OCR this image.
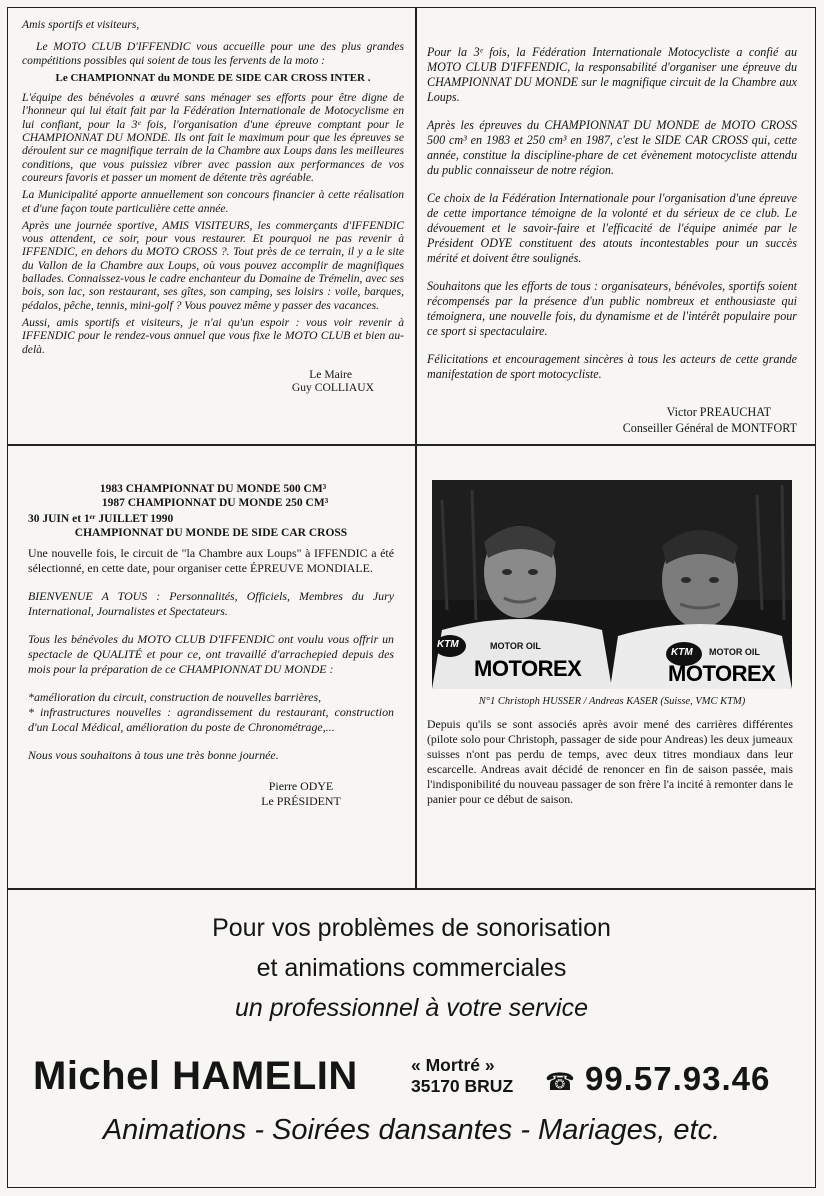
Amis sportifs et visiteurs,

Le MOTO CLUB D'IFFENDIC vous accueille pour une des plus grandes compétitions possibles qui soient de tous les fervents de la moto :

Le CHAMPIONNAT du MONDE DE SIDE CAR CROSS INTER .

L'équipe des bénévoles a œuvré sans ménager ses efforts pour être digne de l'honneur qui lui était fait par la Fédération Internationale de Motocyclisme en lui confiant, pour la 3ᵉ fois, l'organisation d'une épreuve comptant pour le CHAMPIONNAT DU MONDE. Ils ont fait le maximum pour que les épreuves se déroulent sur ce magnifique terrain de la Chambre aux Loups dans les meilleures conditions, que vous puissiez vibrer avec passion aux performances de vos coureurs favoris et passer un moment de détente très agréable.

La Municipalité apporte annuellement son concours financier à cette réalisation et d'une façon toute particulière cette année.

Après une journée sportive, AMIS VISITEURS, les commerçants d'IFFENDIC vous attendent, ce soir, pour vous restaurer. Et pourquoi ne pas revenir à IFFENDIC, en dehors du MOTO CROSS ?. Tout près de ce terrain, il y a le site du Vallon de la Chambre aux Loups, où vous pouvez accomplir de magnifiques ballades. Connaissez-vous le cadre enchanteur du Domaine de Trémelin, avec ses bois, son lac, son restaurant, ses gîtes, son camping, ses loisirs : voile, barques, pédalos, pêche, tennis, mini-golf ? Vous pouvez même y passer des vacances.

Aussi, amis sportifs et visiteurs, je n'ai qu'un espoir : vous voir revenir à IFFENDIC pour le rendez-vous annuel que vous fixe le MOTO CLUB et bien au-delà.

Le Maire

Guy COLLIAUX

Pour la 3ᵉ fois, la Fédération Internationale Motocycliste a confié au MOTO CLUB D'IFFENDIC, la responsabilité d'organiser une épreuve du CHAMPIONNAT DU MONDE sur le magnifique circuit de la Chambre aux Loups.

Après les épreuves du CHAMPIONNAT DU MONDE de MOTO CROSS 500 cm³ en 1983 et 250 cm³ en 1987, c'est le SIDE CAR CROSS qui, cette année, constitue la discipline-phare de cet évènement motocycliste attendu du public connaisseur de notre région.

Ce choix de la Fédération Internationale pour l'organisation d'une épreuve de cette importance témoigne de la volonté et du sérieux de ce club. Le dévouement et le savoir-faire et l'efficacité de l'équipe animée par le Président ODYE constituent des atouts incontestables pour un succès mérité et doivent être soulignés.

Souhaitons que les efforts de tous : organisateurs, bénévoles, sportifs soient récompensés par la présence d'un public nombreux et enthousiaste qui témoignera, une nouvelle fois, du dynamisme et de l'intérêt populaire pour ce sport si spectaculaire.

Félicitations et encouragement sincères à tous les acteurs de cette grande manifestation de sport motocycliste.

Victor PREAUCHAT

Conseiller Général de MONTFORT

1983 CHAMPIONNAT DU MONDE 500 CM³

1987 CHAMPIONNAT DU MONDE 250 CM³

30 JUIN et 1ᵉʳ JUILLET 1990

CHAMPIONNAT DU MONDE DE SIDE CAR CROSS

Une nouvelle fois, le circuit de "la Chambre aux Loups" à IFFENDIC a été sélectionné, en cette date, pour organiser cette ÉPREUVE MONDIALE.

BIENVENUE A TOUS : Personnalités, Officiels, Membres du Jury International, Journalistes et Spectateurs.

Tous les bénévoles du MOTO CLUB D'IFFENDIC ont voulu vous offrir un spectacle de QUALITÉ et pour ce, ont travaillé d'arrachepied depuis des mois pour la préparation de ce CHAMPIONNAT DU MONDE :

*amélioration du circuit, construction de nouvelles barrières,

* infrastructures nouvelles : agrandissement du restaurant, construction d'un Local Médical, amélioration du poste de Chronométrage,...

Nous vous souhaitons à tous une très bonne journée.

Pierre ODYE

Le PRÉSIDENT

KTM
KTM
MOTOR OIL
MOTOR OIL
MOTOREX	MOTOREX
N°1 Christoph HUSSER / Andreas KASER (Suisse, VMC KTM)

Depuis qu'ils se sont associés après avoir mené des carrières différentes (pilote solo pour Christoph, passager de side pour Andreas) les deux jumeaux suisses n'ont pas perdu de temps, avec deux titres mondiaux dans leur escarcelle. Andreas avait décidé de renoncer en fin de saison passée, mais l'indisponibilité du nouveau passager de son frère l'a incité à remonter dans le panier pour ce début de saison.

Pour vos problèmes de sonorisation
et animations commerciales
un professionnel à votre service
Michel HAMELIN	« Mortré »
35170 BRUZ ☎ 99.57.93.46
Animations - Soirées dansantes - Mariages, etc.
